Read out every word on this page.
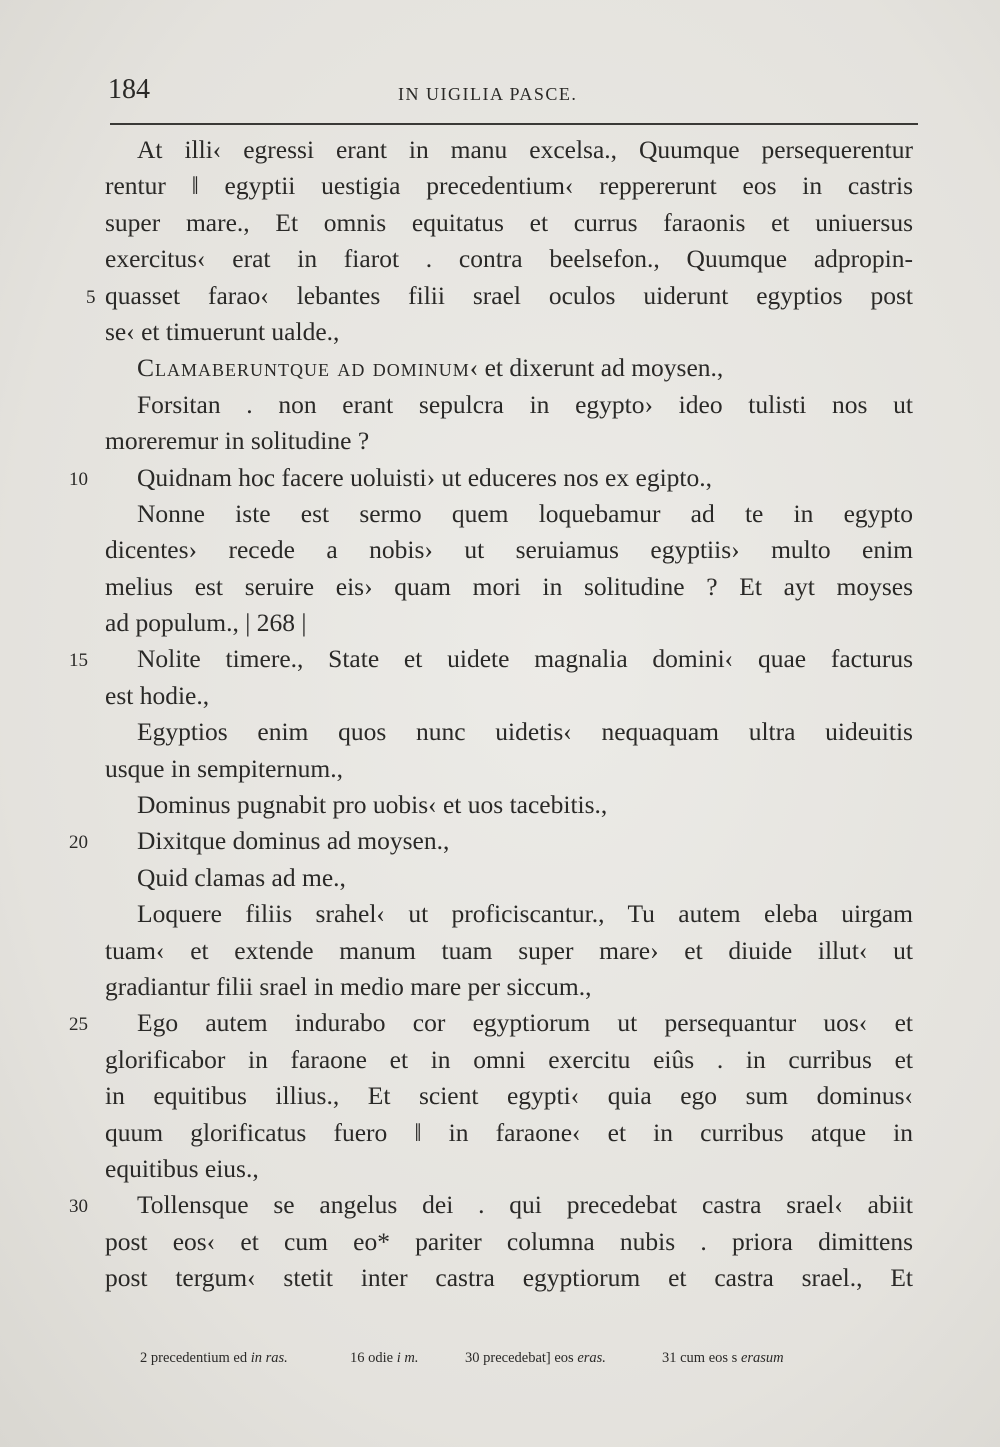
184	IN UIGILIA PASCE.
At illi‹ egressi erant in manu excelsa., Quumque persequerentur
rentur ‖ egyptii uestigia precedentium‹ reppererunt eos in castris
super mare., Et omnis equitatus et currus faraonis et uniuersus
exercitus‹ erat in fiarot . contra beelsefon., Quumque adpropin-
quasset farao‹ lebantes filii srael oculos uiderunt egyptios post
5
se‹ et timuerunt ualde.,
Clamaberuntque ad dominum‹ et dixerunt ad moysen.,
Forsitan . non erant sepulcra in egypto› ideo tulisti nos ut
moreremur in solitudine ?
Quidnam hoc facere uoluisti› ut educeres nos ex egipto.,
10
Nonne iste est sermo quem loquebamur ad te in egypto
dicentes› recede a nobis› ut seruiamus egyptiis› multo enim
melius est seruire eis› quam mori in solitudine ? Et ayt moyses
ad populum., | 268 |
Nolite timere., State et uidete magnalia domini‹ quae facturus
15
est hodie.,
Egyptios enim quos nunc uidetis‹ nequaquam ultra uideuitis
usque in sempiternum.,
Dominus pugnabit pro uobis‹ et uos tacebitis.,
Dixitque dominus ad moysen.,
20
Quid clamas ad me.,
Loquere filiis srahel‹ ut proficiscantur., Tu autem eleba uirgam
tuam‹ et extende manum tuam super mare› et diuide illut‹ ut
gradiantur filii srael in medio mare per siccum.,
Ego autem indurabo cor egyptiorum ut persequantur uos‹ et
25
glorificabor in faraone et in omni exercitu eiûs . in curribus et
in equitibus illius., Et scient egypti‹ quia ego sum dominus‹
quum glorificatus fuero ‖ in faraone‹ et in curribus atque in
equitibus eius.,
Tollensque se angelus dei . qui precedebat castra srael‹ abiit
30
post eos‹ et cum eo* pariter columna nubis . priora dimittens
post tergum‹ stetit inter castra egyptiorum et castra srael., Et
2 precedentium ed in ras.	16 odie i m.	30 precedebat] eos eras.	31 cum eos s erasum
